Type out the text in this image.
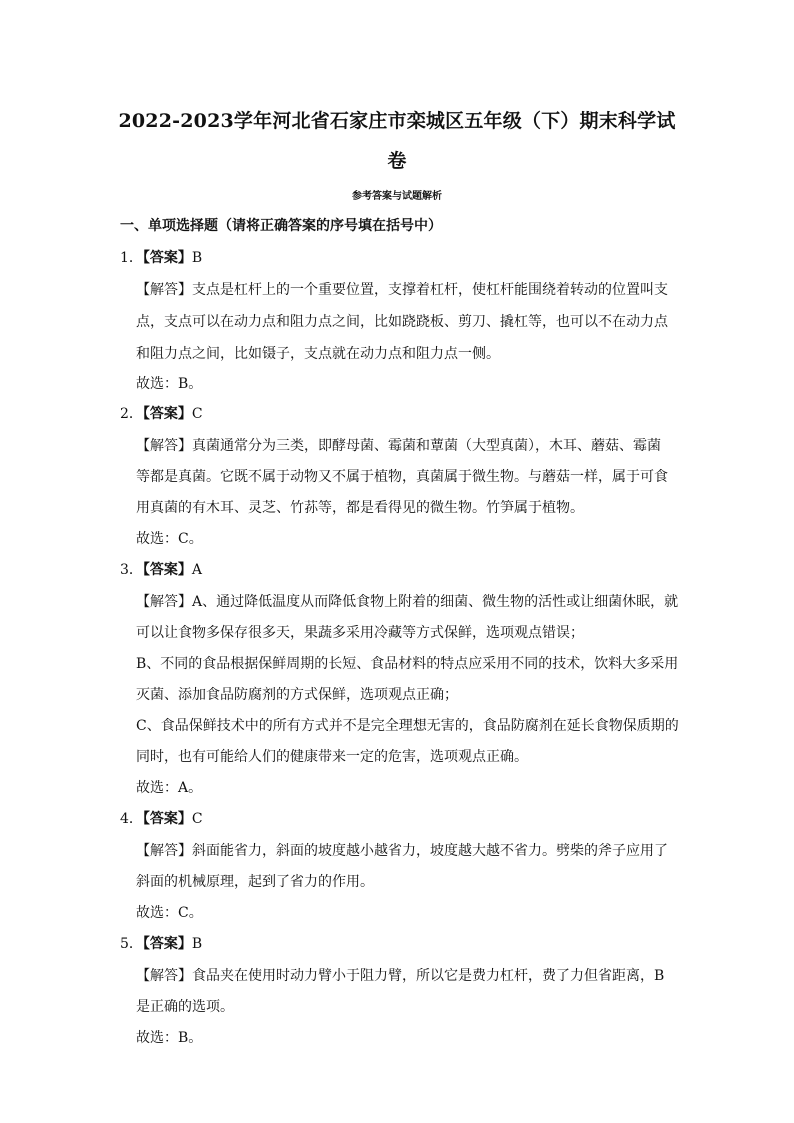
2022-2023学年河北省石家庄市栾城区五年级（下）期末科学试
卷
参考答案与试题解析
一、单项选择题（请将正确答案的序号填在括号中）
1．【答案】B
【解答】支点是杠杆上的一个重要位置，支撑着杠杆，使杠杆能围绕着转动的位置叫支
点，支点可以在动力点和阻力点之间，比如跷跷板、剪刀、撬杠等，也可以不在动力点
和阻力点之间，比如镊子，支点就在动力点和阻力点一侧。
故选：B。
2．【答案】C
【解答】真菌通常分为三类，即酵母菌、霉菌和蕈菌（大型真菌），木耳、蘑菇、霉菌
等都是真菌。它既不属于动物又不属于植物，真菌属于微生物。与蘑菇一样，属于可食
用真菌的有木耳、灵芝、竹荪等，都是看得见的微生物。竹笋属于植物。
故选：C。
3．【答案】A
【解答】A、通过降低温度从而降低食物上附着的细菌、微生物的活性或让细菌休眠，就
可以让食物多保存很多天，果蔬多采用冷藏等方式保鲜，选项观点错误；
B、不同的食品根据保鲜周期的长短、食品材料的特点应采用不同的技术，饮料大多采用
灭菌、添加食品防腐剂的方式保鲜，选项观点正确；
C、食品保鲜技术中的所有方式并不是完全理想无害的，食品防腐剂在延长食物保质期的
同时，也有可能给人们的健康带来一定的危害，选项观点正确。
故选：A。
4．【答案】C
【解答】斜面能省力，斜面的坡度越小越省力，坡度越大越不省力。劈柴的斧子应用了
斜面的机械原理，起到了省力的作用。
故选：C。
5．【答案】B
【解答】食品夹在使用时动力臂小于阻力臂，所以它是费力杠杆，费了力但省距离，B
是正确的选项。
故选：B。
